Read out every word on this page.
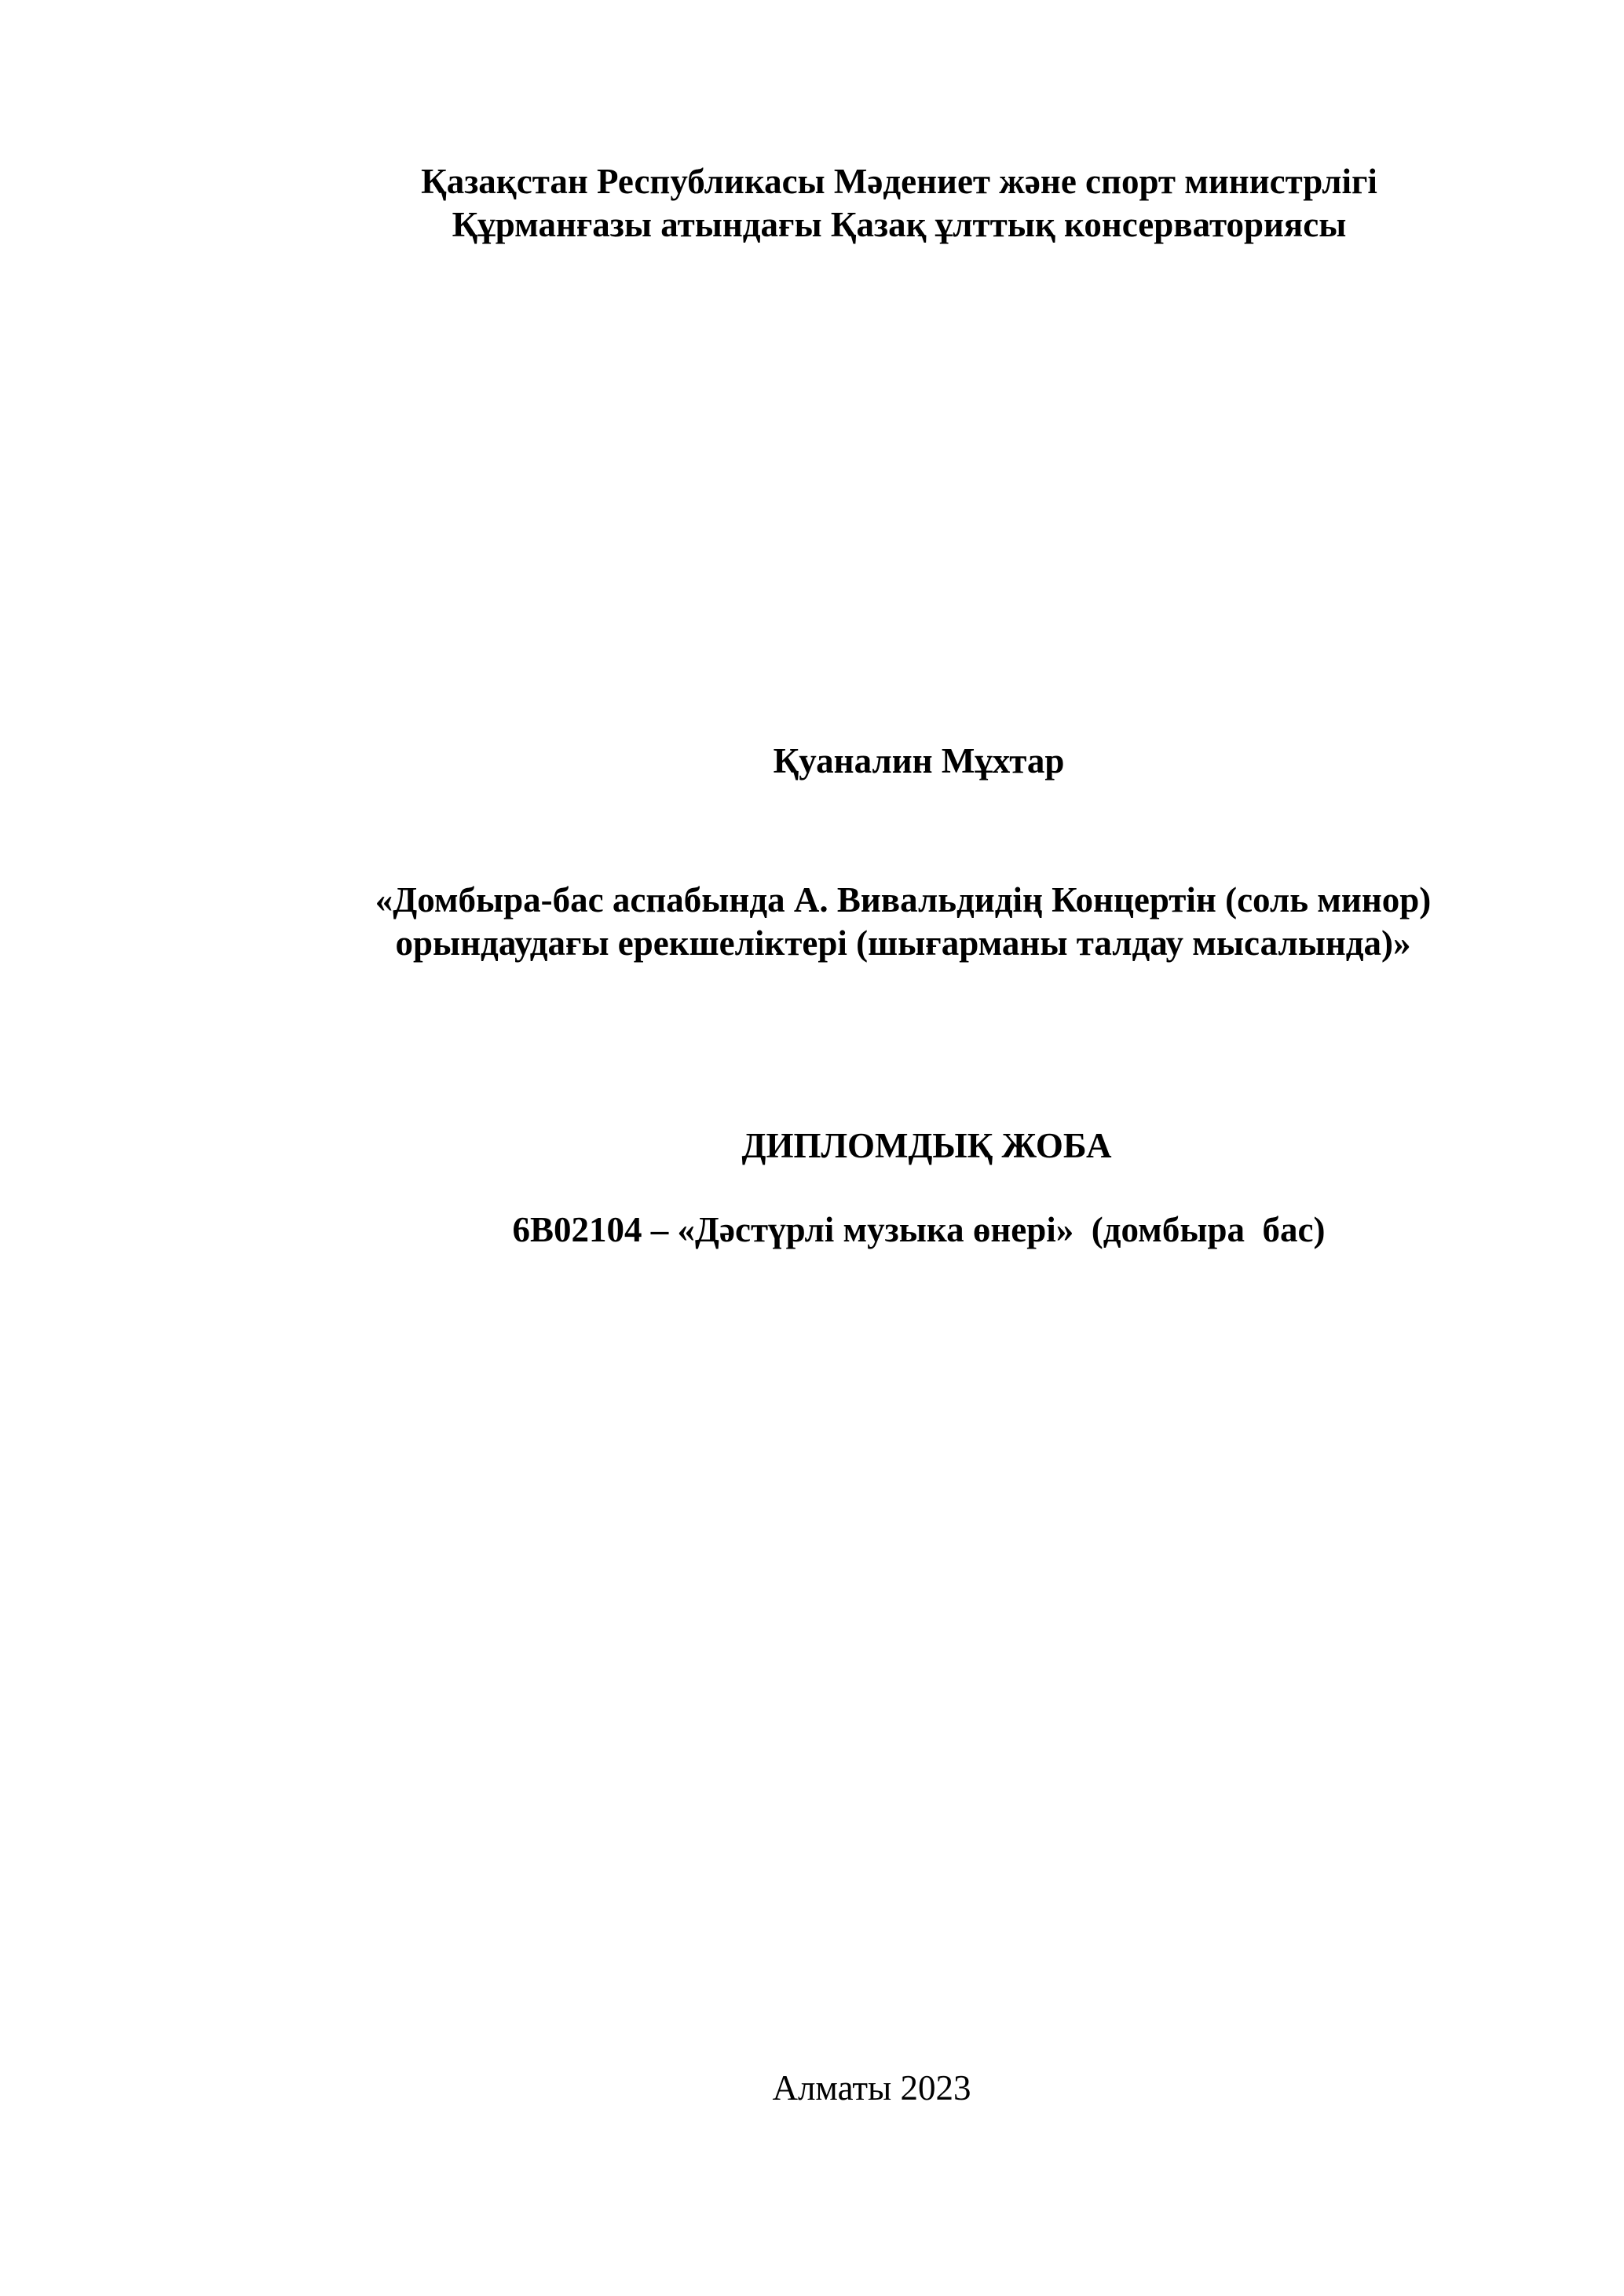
Қазақстан Республикасы Мәдениет және спорт министрлігі
Құрманғазы атындағы Қазақ ұлттық консерваториясы
Қуаналин Мұхтар
«Домбыра-бас аспабында А. Вивальдидің Концертін (соль минор)
орындаудағы ерекшеліктері (шығарманы талдау мысалында)»
ДИПЛОМДЫҚ ЖОБА
6В02104 – «Дәстүрлі музыка өнері»  (домбыра  бас)
Алматы 2023
